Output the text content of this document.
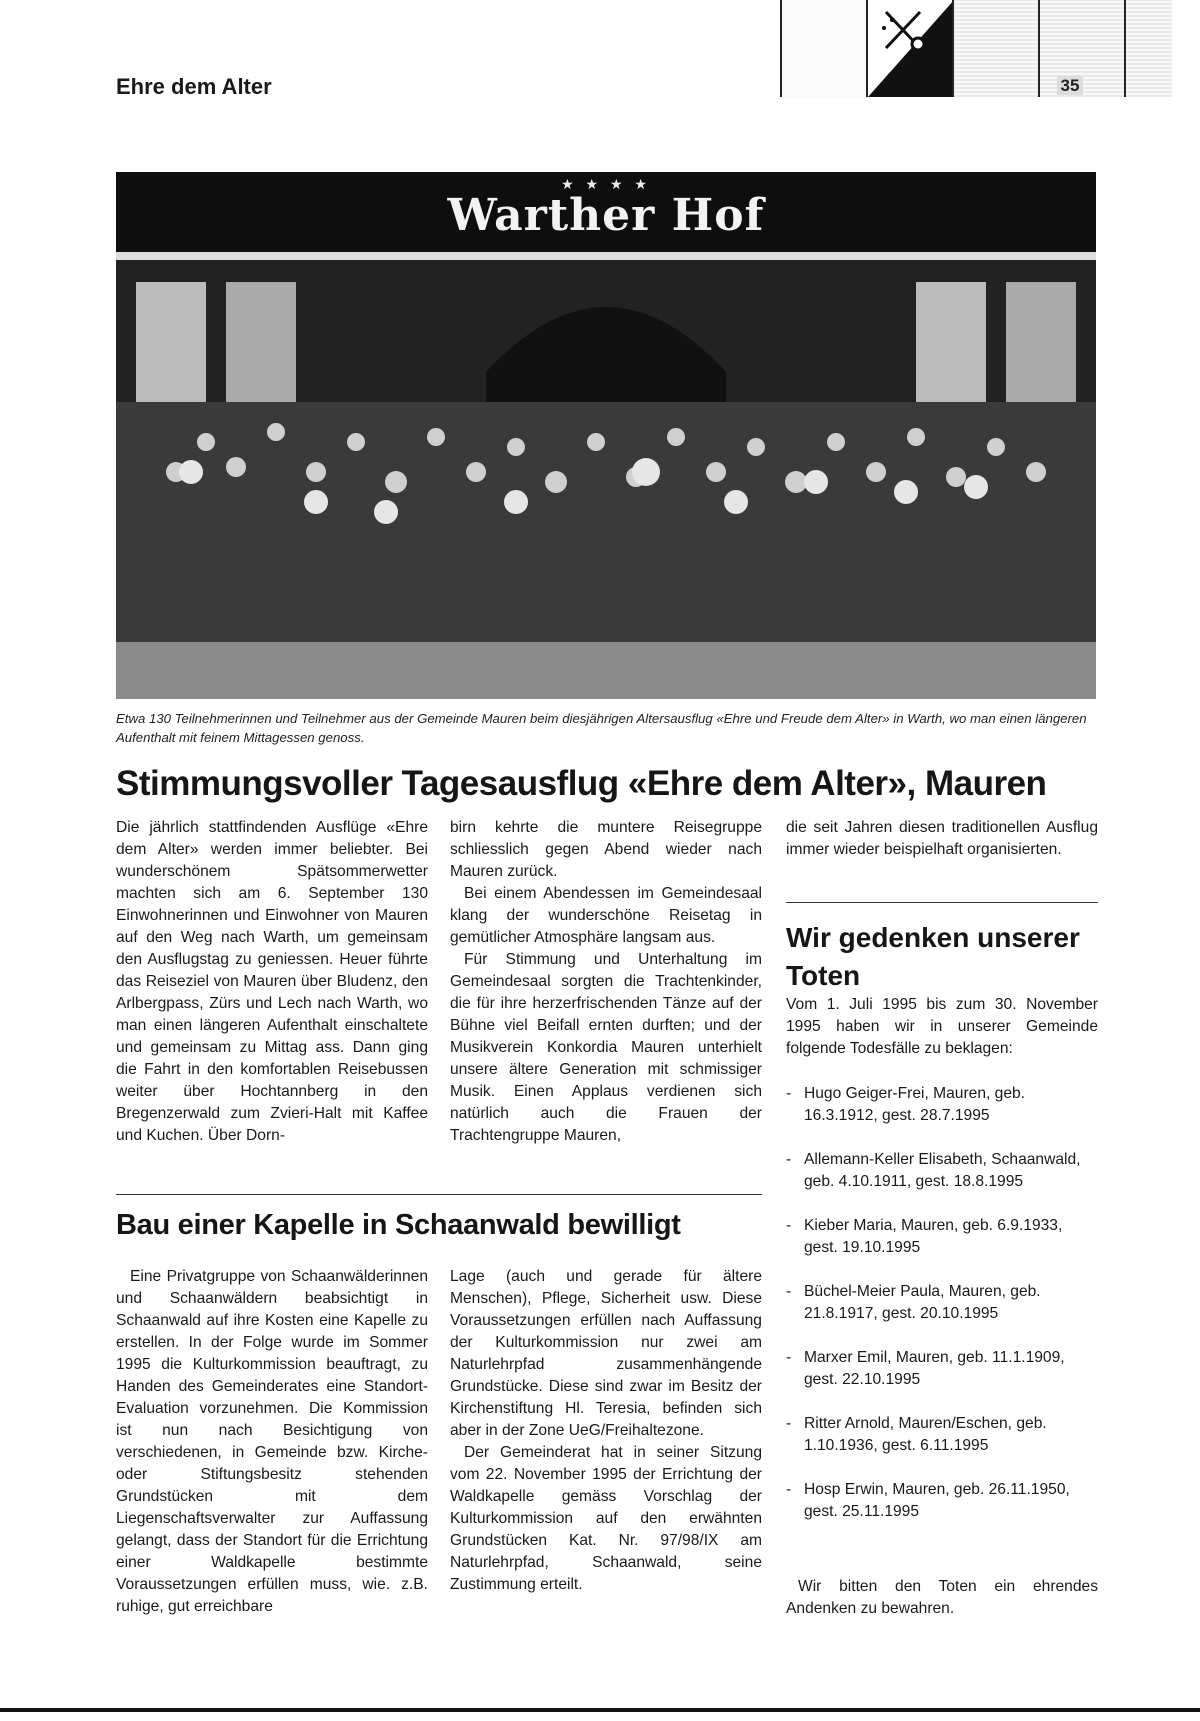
Ehre dem Alter	35
★ ★ ★ ★
Warther Hof
Etwa 130 Teilnehmerinnen und Teilnehmer aus der Gemeinde Mauren beim diesjährigen Altersausflug «Ehre und Freude dem Alter» in Warth, wo man einen längeren Aufenthalt mit feinem Mittagessen genoss.
Stimmungsvoller Tagesausflug «Ehre dem Alter», Mauren

Die jährlich stattfindenden Ausflüge «Ehre dem Alter» werden immer beliebter. Bei wunderschönem Spätsommerwetter machten sich am 6. September 130 Einwohnerinnen und Einwohner von Mauren auf den Weg nach Warth, um gemeinsam den Ausflugstag zu geniessen. Heuer führte das Reiseziel von Mauren über Bludenz, den Arlbergpass, Zürs und Lech nach Warth, wo man einen längeren Aufenthalt einschaltete und gemeinsam zu Mittag ass. Dann ging die Fahrt in den komfortablen Reisebussen weiter über Hochtannberg in den Bregenzerwald zum Zvieri-Halt mit Kaffee und Kuchen. Über Dorn-

birn kehrte die muntere Reisegruppe schliesslich gegen Abend wieder nach Mauren zurück.

Bei einem Abendessen im Gemeindesaal klang der wunderschöne Reisetag in gemütlicher Atmosphäre langsam aus.

Für Stimmung und Unterhaltung im Gemeindesaal sorgten die Trachtenkinder, die für ihre herzerfrischenden Tänze auf der Bühne viel Beifall ernten durften; und der Musikverein Konkordia Mauren unterhielt unsere ältere Generation mit schmissiger Musik. Einen Applaus verdienen sich natürlich auch die Frauen der Trachtengruppe Mauren,

die seit Jahren diesen traditionellen Ausflug immer wieder beispielhaft organisierten.
Bau einer Kapelle in Schaanwald bewilligt

Eine Privatgruppe von Schaanwälderinnen und Schaanwäldern beabsichtigt in Schaanwald auf ihre Kosten eine Kapelle zu erstellen. In der Folge wurde im Sommer 1995 die Kulturkommission beauftragt, zu Handen des Gemeinderates eine Standort-Evaluation vorzunehmen. Die Kommission ist nun nach Besichtigung von verschiedenen, in Gemeinde bzw. Kirche- oder Stiftungsbesitz stehenden Grundstücken mit dem Liegenschaftsverwalter zur Auffassung gelangt, dass der Standort für die Errichtung einer Waldkapelle bestimmte Voraussetzungen erfüllen muss, wie. z.B. ruhige, gut erreichbare

Lage (auch und gerade für ältere Menschen), Pflege, Sicherheit usw. Diese Voraussetzungen erfüllen nach Auffassung der Kulturkommission nur zwei am Naturlehrpfad zusammenhängende Grundstücke. Diese sind zwar im Besitz der Kirchenstiftung Hl. Teresia, befinden sich aber in der Zone UeG/Freihaltezone.

Der Gemeinderat hat in seiner Sitzung vom 22. November 1995 der Errichtung der Waldkapelle gemäss Vorschlag der Kulturkommission auf den erwähnten Grundstücken Kat. Nr. 97/98/IX am Naturlehrpfad, Schaanwald, seine Zustimmung erteilt.

Wir gedenken unserer Toten
Vom 1. Juli 1995 bis zum 30. November 1995 haben wir in unserer Gemeinde folgende Todesfälle zu beklagen:
- Hugo Geiger-Frei, Mauren, geb. 16.3.1912, gest. 28.7.1995
- Allemann-Keller Elisabeth, Schaanwald, geb. 4.10.1911, gest. 18.8.1995
- Kieber Maria, Mauren, geb. 6.9.1933, gest. 19.10.1995
- Büchel-Meier Paula, Mauren, geb. 21.8.1917, gest. 20.10.1995
- Marxer Emil, Mauren, geb. 11.1.1909, gest. 22.10.1995
- Ritter Arnold, Mauren/Eschen, geb. 1.10.1936, gest. 6.11.1995
- Hosp Erwin, Mauren, geb. 26.11.1950, gest. 25.11.1995
Wir bitten den Toten ein ehrendes Andenken zu bewahren.
